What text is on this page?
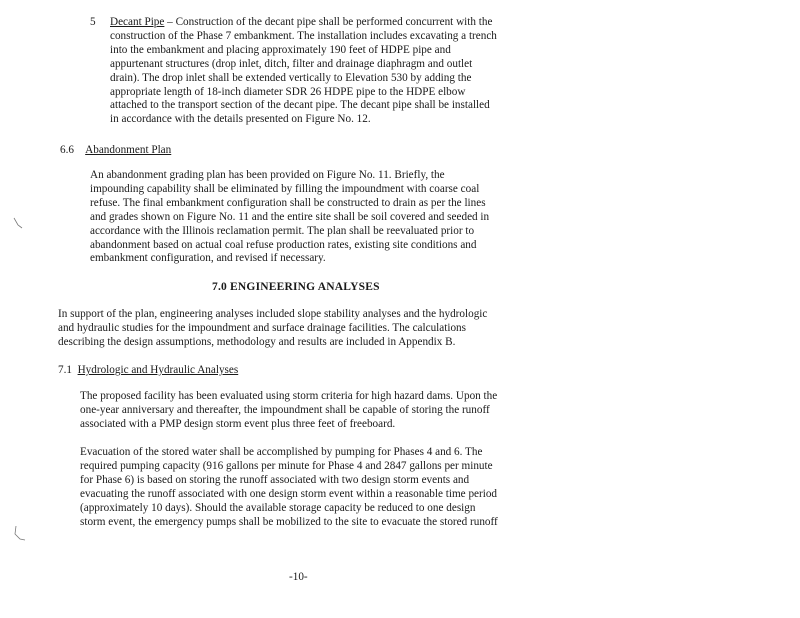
5 Decant Pipe – Construction of the decant pipe shall be performed concurrent with the
construction of the Phase 7 embankment. The installation includes excavating a trench
into the embankment and placing approximately 190 feet of HDPE pipe and
appurtenant structures (drop inlet, ditch, filter and drainage diaphragm and outlet
drain). The drop inlet shall be extended vertically to Elevation 530 by adding the
appropriate length of 18-inch diameter SDR 26 HDPE pipe to the HDPE elbow
attached to the transport section of the decant pipe. The decant pipe shall be installed
in accordance with the details presented on Figure No. 12.
6.6 Abandonment Plan
An abandonment grading plan has been provided on Figure No. 11. Briefly, the
impounding capability shall be eliminated by filling the impoundment with coarse coal
refuse. The final embankment configuration shall be constructed to drain as per the lines
and grades shown on Figure No. 11 and the entire site shall be soil covered and seeded in
accordance with the Illinois reclamation permit. The plan shall be reevaluated prior to
abandonment based on actual coal refuse production rates, existing site conditions and
embankment configuration, and revised if necessary.
7.0 ENGINEERING ANALYSES
In support of the plan, engineering analyses included slope stability analyses and the hydrologic
and hydraulic studies for the impoundment and surface drainage facilities. The calculations
describing the design assumptions, methodology and results are included in Appendix B.
7.1 Hydrologic and Hydraulic Analyses
The proposed facility has been evaluated using storm criteria for high hazard dams. Upon the
one-year anniversary and thereafter, the impoundment shall be capable of storing the runoff
associated with a PMP design storm event plus three feet of freeboard.
Evacuation of the stored water shall be accomplished by pumping for Phases 4 and 6. The
required pumping capacity (916 gallons per minute for Phase 4 and 2847 gallons per minute
for Phase 6) is based on storing the runoff associated with two design storm events and
evacuating the runoff associated with one design storm event within a reasonable time period
(approximately 10 days). Should the available storage capacity be reduced to one design
storm event, the emergency pumps shall be mobilized to the site to evacuate the stored runoff
-10-
